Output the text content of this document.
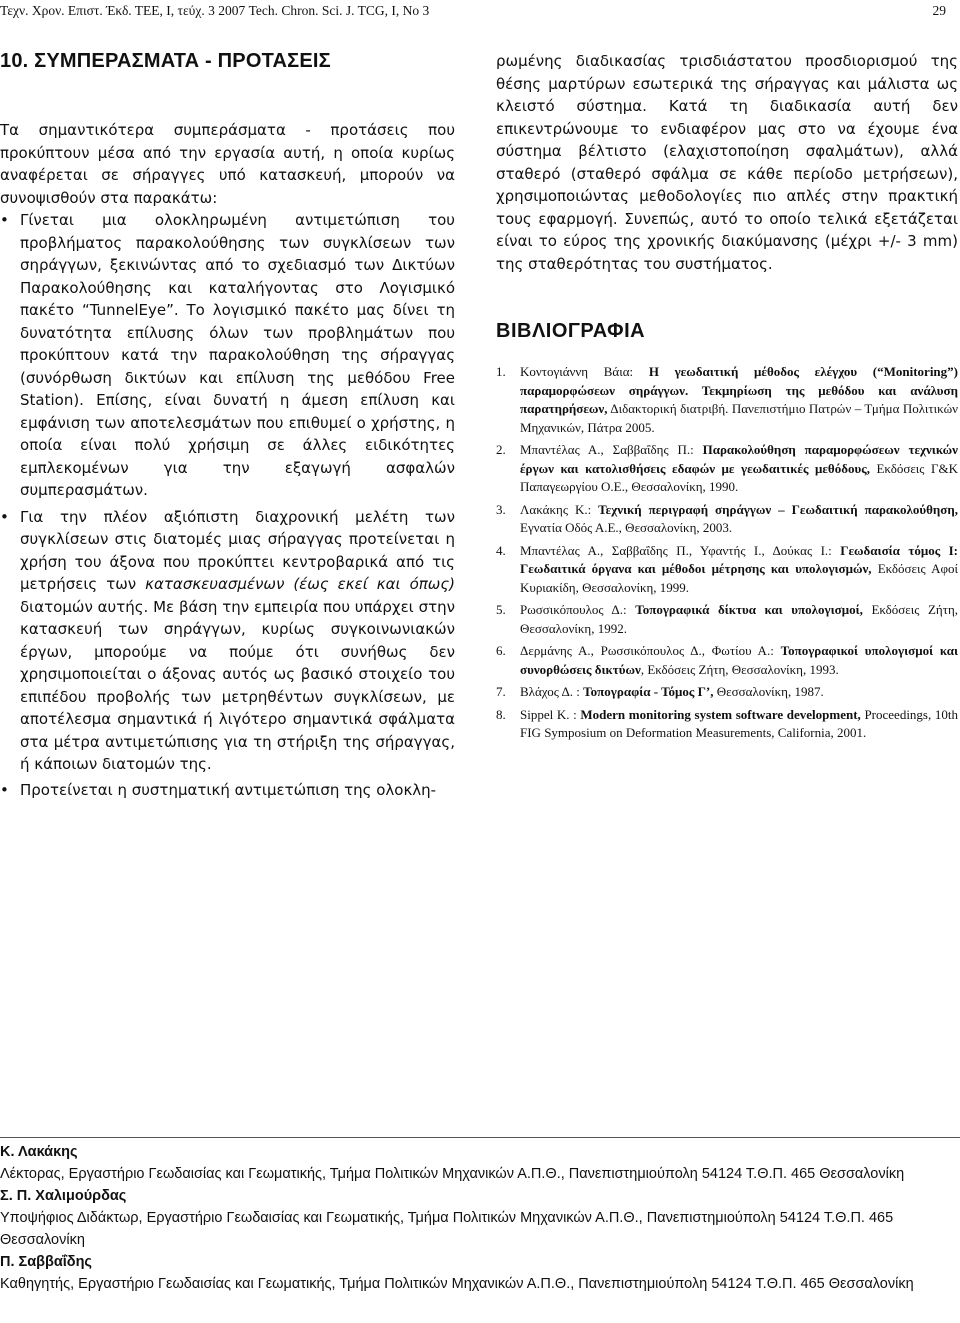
Τεχν. Χρον. Επιστ. Έκδ. ΤΕΕ, Ι, τεύχ. 3 2007 Tech. Chron. Sci. J. TCG, I, No 3	29
10. ΣΥΜΠΕΡΑΣΜΑΤΑ - ΠΡΟΤΑΣΕΙΣ

Τα σημαντικότερα συμπεράσματα - προτάσεις που προκύπτουν μέσα από την εργασία αυτή, η οποία κυρίως αναφέρεται σε σήραγγες υπό κατασκευή, μπορούν να συνοψισθούν στα παρακάτω:

• Γίνεται μια ολοκληρωμένη αντιμετώπιση του προβλήματος παρακολούθησης των συγκλίσεων των σηράγγων, ξεκινώντας από το σχεδιασμό των Δικτύων Παρακολούθησης και καταλήγοντας στο Λογισμικό πακέτο “TunnelEye”. Το λογισμικό πακέτο μας δίνει τη δυνατότητα επίλυσης όλων των προβλημάτων που προκύπτουν κατά την παρακολούθηση της σήραγγας (συνόρθωση δικτύων και επίλυση της μεθόδου Free Station). Επίσης, είναι δυνατή η άμεση επίλυση και εμφάνιση των αποτελεσμάτων που επιθυμεί ο χρήστης, η οποία είναι πολύ χρήσιμη σε άλλες ειδικότητες εμπλεκομένων για την εξαγωγή ασφαλών συμπερασμάτων.
• Για την πλέον αξιόπιστη διαχρονική μελέτη των συγκλίσεων στις διατομές μιας σήραγγας προτείνεται η χρήση του άξονα που προκύπτει κεντροβαρικά από τις μετρήσεις των κατασκευασμένων (έως εκεί και όπως) διατομών αυτής. Με βάση την εμπειρία που υπάρχει στην κατασκευή των σηράγγων, κυρίως συγκοινωνιακών έργων, μπορούμε να πούμε ότι συνήθως δεν χρησιμοποιείται ο άξονας αυτός ως βασικό στοιχείο του επιπέδου προβολής των μετρηθέντων συγκλίσεων, με αποτέλεσμα σημαντικά ή λιγότερο σημαντικά σφάλματα στα μέτρα αντιμετώπισης για τη στήριξη της σήραγγας, ή κάποιων διατομών της.
• Προτείνεται η συστηματική αντιμετώπιση της ολοκλη-

ρωμένης διαδικασίας τρισδιάστατου προσδιορισμού της θέσης μαρτύρων εσωτερικά της σήραγγας και μάλιστα ως κλειστό σύστημα. Κατά τη διαδικασία αυτή δεν επικεντρώνουμε το ενδιαφέρον μας στο να έχουμε ένα σύστημα βέλτιστο (ελαχιστοποίηση σφαλμάτων), αλλά σταθερό (σταθερό σφάλμα σε κάθε περίοδο μετρήσεων), χρησιμοποιώντας μεθοδολογίες πιο απλές στην πρακτική τους εφαρμογή. Συνεπώς, αυτό το οποίο τελικά εξετάζεται είναι το εύρος της χρονικής διακύμανσης (μέχρι +/- 3 mm) της σταθερότητας του συστήματος.

ΒΙΒΛΙΟΓΡΑΦΙΑ
1. Κοντογιάννη Βάια: Η γεωδαιτική μέθοδος ελέγχου (“Monitoring”) παραμορφώσεων σηράγγων. Τεκμηρίωση της μεθόδου και ανάλυση παρατηρήσεων, Διδακτορική διατριβή. Πανεπιστήμιο Πατρών – Τμήμα Πολιτικών Μηχανικών, Πάτρα 2005.
2. Μπαντέλας Α., Σαββαΐδης Π.: Παρακολούθηση παραμορφώσεων τεχνικών έργων και κατολισθήσεις εδαφών με γεωδαιτικές μεθόδους, Εκδόσεις Γ&Κ Παπαγεωργίου Ο.Ε., Θεσσαλονίκη, 1990.
3. Λακάκης Κ.: Τεχνική περιγραφή σηράγγων – Γεωδαιτική παρακολούθηση, Εγνατία Οδός Α.Ε., Θεσσαλονίκη, 2003.
4. Μπαντέλας Α., Σαββαΐδης Π., Υφαντής Ι., Δούκας Ι.: Γεωδαισία τόμος Ι: Γεωδαιτικά όργανα και μέθοδοι μέτρησης και υπολογισμών, Εκδόσεις Αφοί Κυριακίδη, Θεσσαλονίκη, 1999.
5. Ρωσσικόπουλος Δ.: Τοπογραφικά δίκτυα και υπολογισμοί, Εκδόσεις Ζήτη, Θεσσαλονίκη, 1992.
6. Δερμάνης Α., Ρωσσικόπουλος Δ., Φωτίου Α.: Τοπογραφικοί υπολογισμοί και συνορθώσεις δικτύων, Εκδόσεις Ζήτη, Θεσσαλονίκη, 1993.
7. Βλάχος Δ. : Τοπογραφία - Τόμος Γ’, Θεσσαλονίκη, 1987.
8. Sippel K. : Modern monitoring system software development, Proceedings, 10th FIG Symposium on Deformation Measurements, California, 2001.
Κ. Λακάκης
Λέκτορας, Εργαστήριο Γεωδαισίας και Γεωματικής, Τμήμα Πολιτικών Μηχανικών Α.Π.Θ., Πανεπιστημιούπολη 54124 Τ.Θ.Π. 465 Θεσσαλονίκη
Σ. Π. Χαλιμούρδας
Υποψήφιος Διδάκτωρ, Εργαστήριο Γεωδαισίας και Γεωματικής, Τμήμα Πολιτικών Μηχανικών Α.Π.Θ., Πανεπιστημιούπολη 54124 Τ.Θ.Π. 465 Θεσσαλονίκη
Π. Σαββαΐδης
Καθηγητής, Εργαστήριο Γεωδαισίας και Γεωματικής, Τμήμα Πολιτικών Μηχανικών Α.Π.Θ., Πανεπιστημιούπολη 54124 Τ.Θ.Π. 465 Θεσσαλονίκη
